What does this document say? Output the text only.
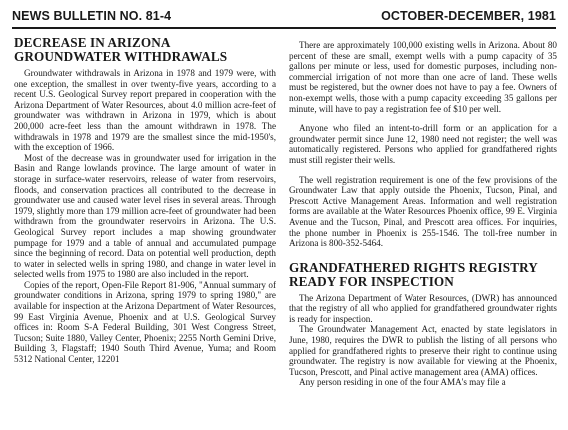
NEWS BULLETIN NO. 81-4	OCTOBER-DECEMBER, 1981
DECREASE IN ARIZONA GROUNDWATER WITHDRAWALS

Groundwater withdrawals in Arizona in 1978 and 1979 were, with one exception, the smallest in over twenty-five years, according to a recent U.S. Geological Survey report prepared in cooperation with the Arizona Department of Water Resources, about 4.0 million acre-feet of groundwater was withdrawn in Arizona in 1979, which is about 200,000 acre-feet less than the amount withdrawn in 1978. The withdrawals in 1978 and 1979 are the smallest since the mid-1950's, with the exception of 1966.

Most of the decrease was in groundwater used for irrigation in the Basin and Range lowlands province. The large amount of water in storage in surface-water reservoirs, release of water from reservoirs, floods, and conservation practices all contributed to the decrease in groundwater use and caused water level rises in several areas. Through 1979, slightly more than 179 million acre-feet of groundwater had been withdrawn from the groundwater reservoirs in Arizona. The U.S. Geological Survey report includes a map showing groundwater pumpage for 1979 and a table of annual and accumulated pumpage since the beginning of record. Data on potential well production, depth to water in selected wells in spring 1980, and change in water level in selected wells from 1975 to 1980 are also included in the report.

Copies of the report, Open-File Report 81-906, "Annual summary of groundwater conditions in Arizona, spring 1979 to spring 1980," are available for inspection at the Arizona Department of Water Resources, 99 East Virginia Avenue, Phoenix and at U.S. Geological Survey offices in: Room S-A Federal Building, 301 West Congress Street, Tucson; Suite 1880, Valley Center, Phoenix; 2255 North Gemini Drive, Building 3, Flagstaff; 1940 South Third Avenue, Yuma; and Room 5312 National Center, 12201

There are approximately 100,000 existing wells in Arizona. About 80 percent of these are small, exempt wells with a pump capacity of 35 gallons per minute or less, used for domestic purposes, including non-commercial irrigation of not more than one acre of land. These wells must be registered, but the owner does not have to pay a fee. Owners of non-exempt wells, those with a pump capacity exceeding 35 gallons per minute, will have to pay a registration fee of $10 per well.

Anyone who filed an intent-to-drill form or an application for a groundwater permit since June 12, 1980 need not register; the well was automatically registered. Persons who applied for grandfathered rights must still register their wells.

The well registration requirement is one of the few provisions of the Groundwater Law that apply outside the Phoenix, Tucson, Pinal, and Prescott Active Management Areas. Information and well registration forms are available at the Water Resources Phoenix office, 99 E. Virginia Avenue and the Tucson, Pinal, and Prescott area offices. For inquiries, the phone number in Phoenix is 255-1546. The toll-free number in Arizona is 800-352-5464.

GRANDFATHERED RIGHTS REGISTRY READY FOR INSPECTION

The Arizona Department of Water Resources, (DWR) has announced that the registry of all who applied for grandfathered groundwater rights is ready for inspection.

The Groundwater Management Act, enacted by state legislators in June, 1980, requires the DWR to publish the listing of all persons who applied for grandfathered rights to preserve their right to continue using groundwater. The registry is now available for viewing at the Phoenix, Tucson, Prescott, and Pinal active management area (AMA) offices.

Any person residing in one of the four AMA's may file a
